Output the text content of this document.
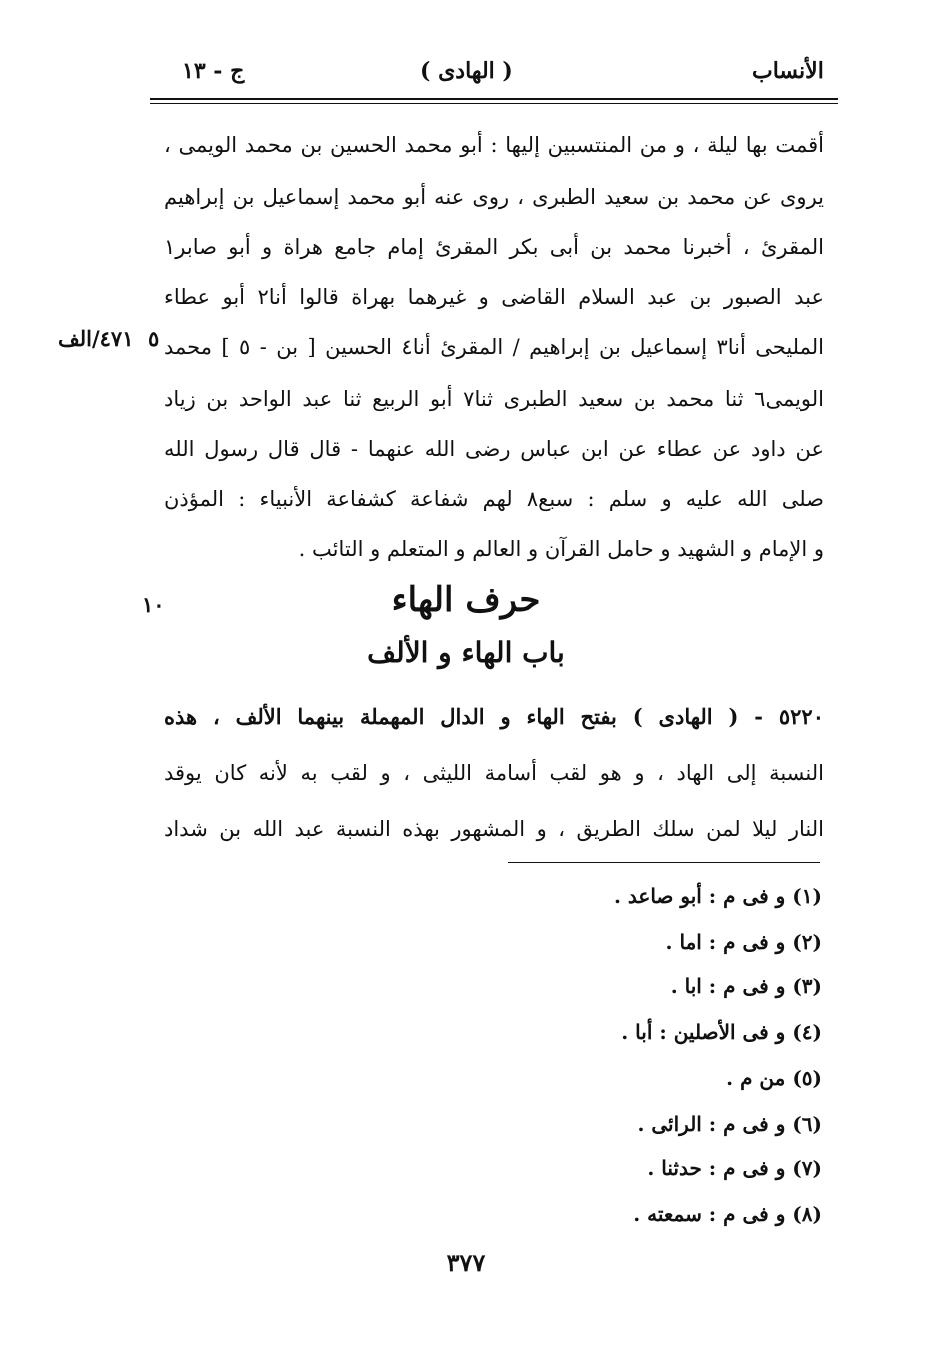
الأنساب
( الهادى )
ج - ١٣
أقمت بها ليلة ، و من المنتسبين إليها : أبو محمد الحسين بن محمد الويمى ،
يروى عن محمد بن سعيد الطبرى ، روى عنه أبو محمد إسماعيل بن إبراهيم
المقرئ ، أخبرنا محمد بن أبى بكر المقرئ إمام جامع هراة و أبو صابر١
عبد الصبور بن عبد السلام القاضى و غيرهما بهراة قالوا أنا٢ أبو عطاء
المليحى أنا٣ إسماعيل بن إبراهيم / المقرئ أنا٤ الحسين [ بن - ٥ ] محمد
الويمى٦ ثنا محمد بن سعيد الطبرى ثنا٧ أبو الربيع ثنا عبد الواحد بن زياد
عن داود عن عطاء عن ابن عباس رضى الله عنهما - قال قال رسول الله
صلى الله عليه و سلم : سبع٨ لهم شفاعة كشفاعة الأنبياء : المؤذن
و الإمام و الشهيد و حامل القرآن و العالم و المتعلم و التائب .
٤٧١/الف ٥
١٠	حرف الهاء
باب الهاء و الألف
٥٢٢٠ - ( الهادى ) بفتح الهاء و الدال المهملة بينهما الألف ، هذه
النسبة إلى الهاد ، و هو لقب أسامة الليثى ، و لقب به لأنه كان يوقد
النار ليلا لمن سلك الطريق ، و المشهور بهذه النسبة عبد الله بن شداد
(١) و فى م : أبو صاعد .
(٢) و فى م : اما .
(٣) و فى م : ابا .
(٤) و فى الأصلين : أبا .
(٥) من م .
(٦) و فى م : الرائى .
(٧) و فى م : حدثنا .
(٨) و فى م : سمعته .
٣٧٧
